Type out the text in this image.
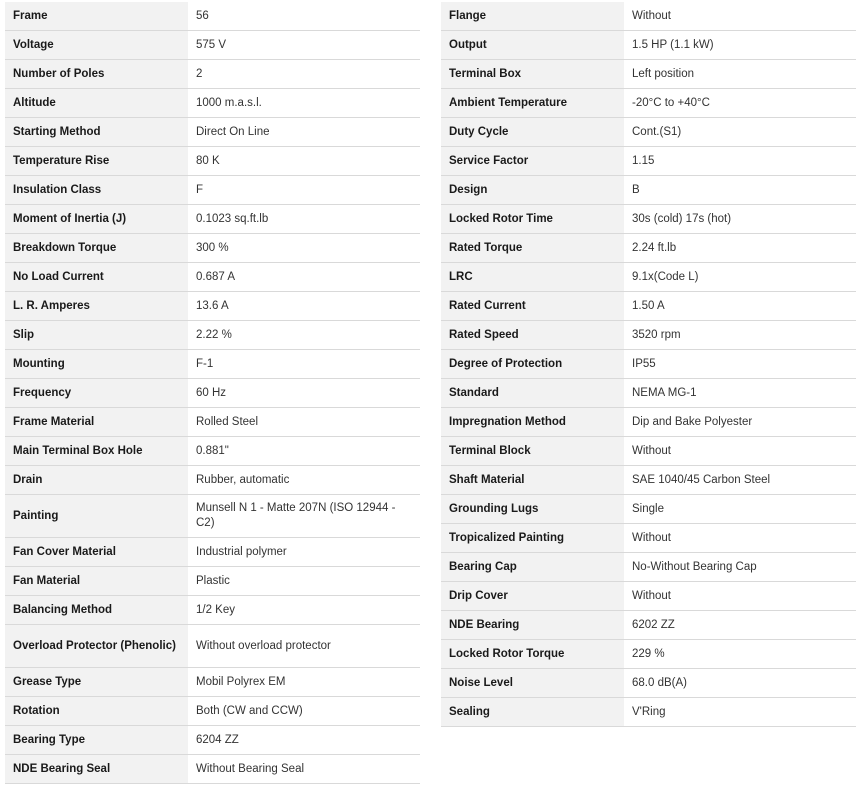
Frame	56
Voltage	575 V
Number of Poles	2
Altitude	1000 m.a.s.l.
Starting Method	Direct On Line
Temperature Rise	80 K
Insulation Class	F
Moment of Inertia (J)	0.1023 sq.ft.lb
Breakdown Torque	300 %
No Load Current	0.687 A
L. R. Amperes	13.6 A
Slip	2.22 %
Mounting	F-1
Frequency	60 Hz
Frame Material	Rolled Steel
Main Terminal Box Hole	0.881"
Drain	Rubber, automatic
Painting	Munsell N 1 - Matte 207N (ISO 12944 - C2)
Fan Cover Material	Industrial polymer
Fan Material	Plastic
Balancing Method	1/2 Key
Overload Protector (Phenolic)	Without overload protector
Grease Type	Mobil Polyrex EM
Rotation	Both (CW and CCW)
Bearing Type	6204 ZZ
NDE Bearing Seal	Without Bearing Seal
Flange	Without
Output	1.5 HP (1.1 kW)
Terminal Box	Left position
Ambient Temperature	-20°C to +40°C
Duty Cycle	Cont.(S1)
Service Factor	1.15
Design	B
Locked Rotor Time	30s (cold) 17s (hot)
Rated Torque	2.24 ft.lb
LRC	9.1x(Code L)
Rated Current	1.50 A
Rated Speed	3520 rpm
Degree of Protection	IP55
Standard	NEMA MG-1
Impregnation Method	Dip and Bake Polyester
Terminal Block	Without
Shaft Material	SAE 1040/45 Carbon Steel
Grounding Lugs	Single
Tropicalized Painting	Without
Bearing Cap	No-Without Bearing Cap
Drip Cover	Without
NDE Bearing	6202 ZZ
Locked Rotor Torque	229 %
Noise Level	68.0 dB(A)
Sealing	V'Ring
